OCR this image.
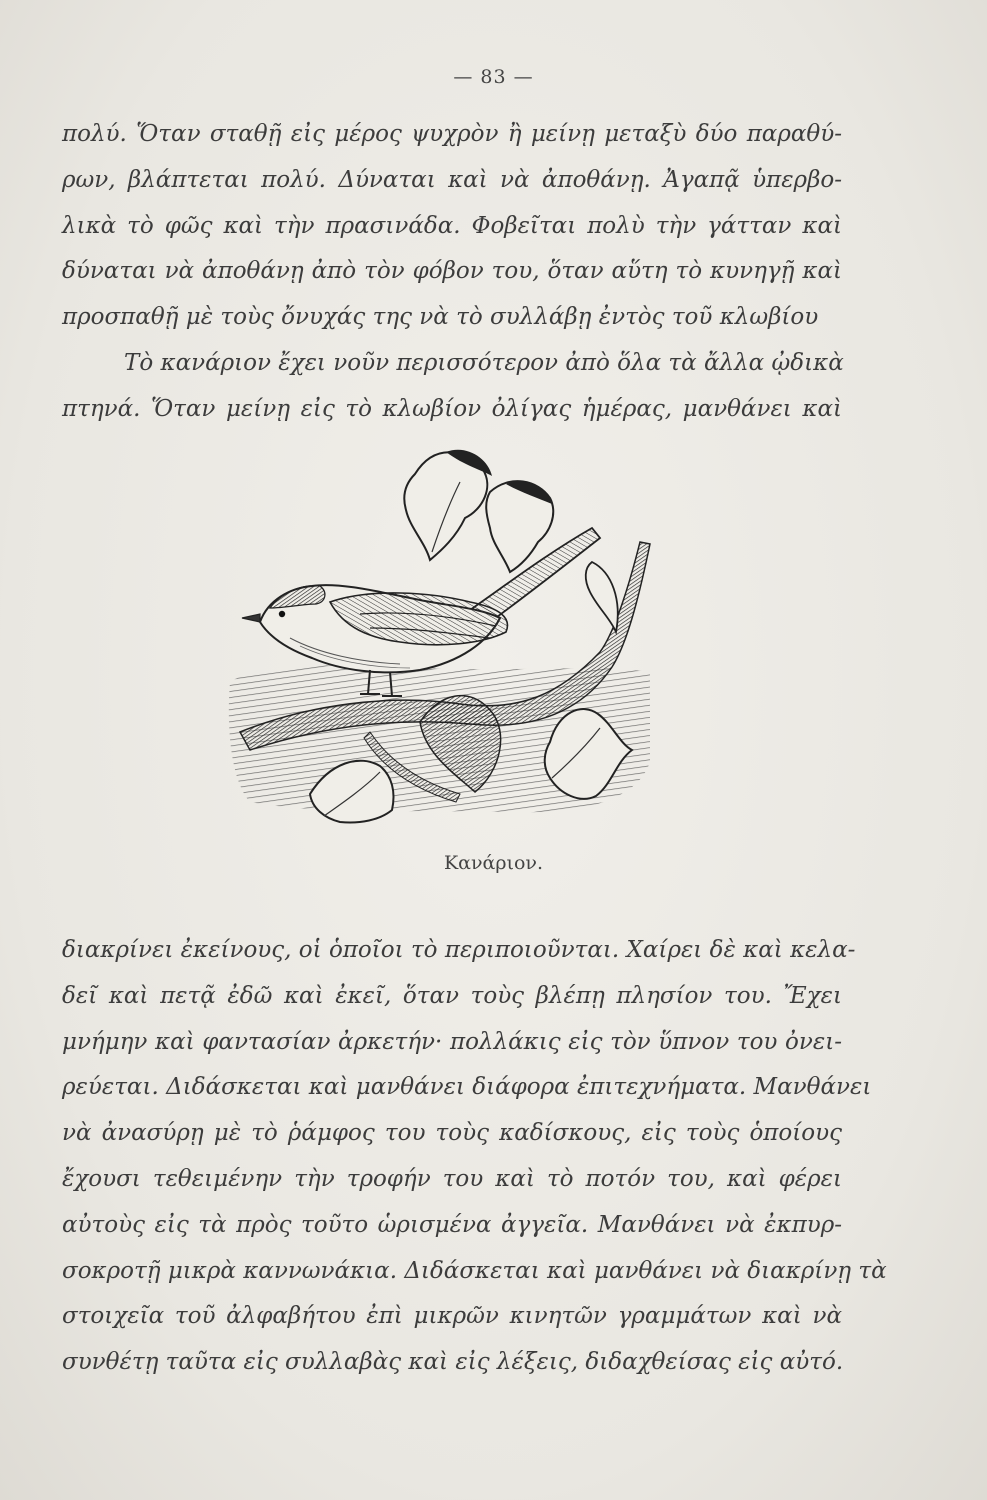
— 83 —
πολύ. Ὅταν σταθῇ εἰς μέρος ψυχρὸν ἢ μείνῃ μεταξὺ δύο παραθύ-
ρων, βλάπτεται πολύ. Δύναται καὶ νὰ ἀποθάνῃ. Ἀγαπᾷ ὑπερβο-
λικὰ τὸ φῶς καὶ τὴν πρασινάδα. Φοβεῖται πολὺ τὴν γάτταν καὶ
δύναται νὰ ἀποθάνῃ ἀπὸ τὸν φόβον του, ὅταν αὕτη τὸ κυνηγῇ καὶ
προσπαθῇ μὲ τοὺς ὄνυχάς της νὰ τὸ συλλάβῃ ἐντὸς τοῦ κλωβίου
Τὸ κανάριον ἔχει νοῦν περισσότερον ἀπὸ ὅλα τὰ ἄλλα ᾠδικὰ
πτηνά. Ὅταν μείνῃ εἰς τὸ κλωβίον ὀλίγας ἡμέρας, μανθάνει καὶ
Κανάριον.
διακρίνει ἐκείνους, οἱ ὁποῖοι τὸ περιποιοῦνται. Χαίρει δὲ καὶ κελα-
δεῖ καὶ πετᾷ ἐδῶ καὶ ἐκεῖ, ὅταν τοὺς βλέπῃ πλησίον του. Ἔχει
μνήμην καὶ φαντασίαν ἀρκετήν· πολλάκις εἰς τὸν ὕπνον του ὀνει-
ρεύεται. Διδάσκεται καὶ μανθάνει διάφορα ἐπιτεχνήματα. Μανθάνει
νὰ ἀνασύρῃ μὲ τὸ ῥάμφος του τοὺς καδίσκους, εἰς τοὺς ὁποίους
ἔχουσι τεθειμένην τὴν τροφήν του καὶ τὸ ποτόν του, καὶ φέρει
αὐτοὺς εἰς τὰ πρὸς τοῦτο ὡρισμένα ἀγγεῖα. Μανθάνει νὰ ἐκπυρ-
σοκροτῇ μικρὰ καννωνάκια. Διδάσκεται καὶ μανθάνει νὰ διακρίνῃ τὰ
στοιχεῖα τοῦ ἀλφαβήτου ἐπὶ μικρῶν κινητῶν γραμμάτων καὶ νὰ
συνθέτῃ ταῦτα εἰς συλλαβὰς καὶ εἰς λέξεις, διδαχθείσας εἰς αὐτό.
